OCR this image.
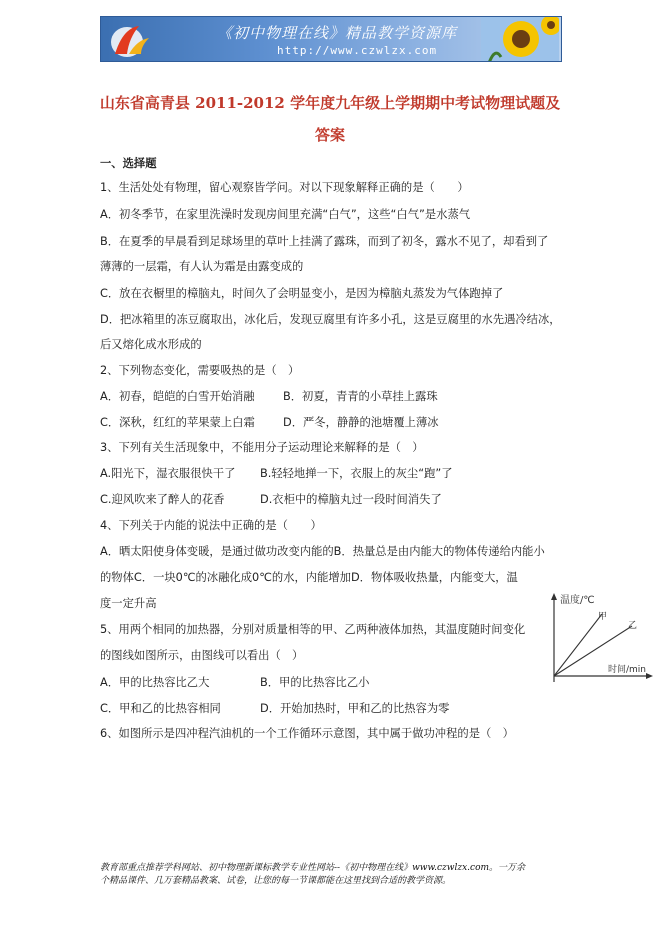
《初中物理在线》精品教学资源库
http://www.czwlzx.com
山东省高青县 2011-2012 学年度九年级上学期期中考试物理试题及
答案
一、选择题
1、生活处处有物理，留心观察皆学问。对以下现象解释正确的是（　　）
A．初冬季节，在家里洗澡时发现房间里充满“白气”，这些“白气”是水蒸气
B．在夏季的早晨看到足球场里的草叶上挂满了露珠，而到了初冬，露水不见了，却看到了
薄薄的一层霜，有人认为霜是由露变成的
C．放在衣橱里的樟脑丸，时间久了会明显变小，是因为樟脑丸蒸发为气体跑掉了
D．把冰箱里的冻豆腐取出，冰化后，发现豆腐里有许多小孔，这是豆腐里的水先遇冷结冰，
后又熔化成水形成的
2、下列物态变化，需要吸热的是（　）
A．初春，皑皑的白雪开始消融	B．初夏，青青的小草挂上露珠
C．深秋，红红的苹果蒙上白霜	D．严冬，静静的池塘覆上薄冰
3、下列有关生活现象中，不能用分子运动理论来解释的是（　）
A.阳光下，湿衣服很快干了 B.轻轻地掸一下，衣服上的灰尘“跑”了
C.迎风吹来了醉人的花香	D.衣柜中的樟脑丸过一段时间消失了
4、下列关于内能的说法中正确的是（　　）
A．晒太阳使身体变暖，是通过做功改变内能的B．热量总是由内能大的物体传递给内能小
的物体C．一块0℃的冰融化成0℃的水，内能增加D．物体吸收热量，内能变大，温
度一定升高
5、用两个相同的加热器，分别对质量相等的甲、乙两种液体加热，其温度随时间变化
的图线如图所示，由图线可以看出（　）
A．甲的比热容比乙大	B．甲的比热容比乙小
C．甲和乙的比热容相同	D．开始加热时，甲和乙的比热容为零
温度/℃
甲
乙
时间/min
6、如图所示是四冲程汽油机的一个工作循环示意图，其中属于做功冲程的是（　）
教育部重点推荐学科网站、初中物理新课标教学专业性网站--《初中物理在线》www.czwlzx.com。一万余
个精品课件、几万套精品教案、试卷，让您的每一节课都能在这里找到合适的教学资源。
